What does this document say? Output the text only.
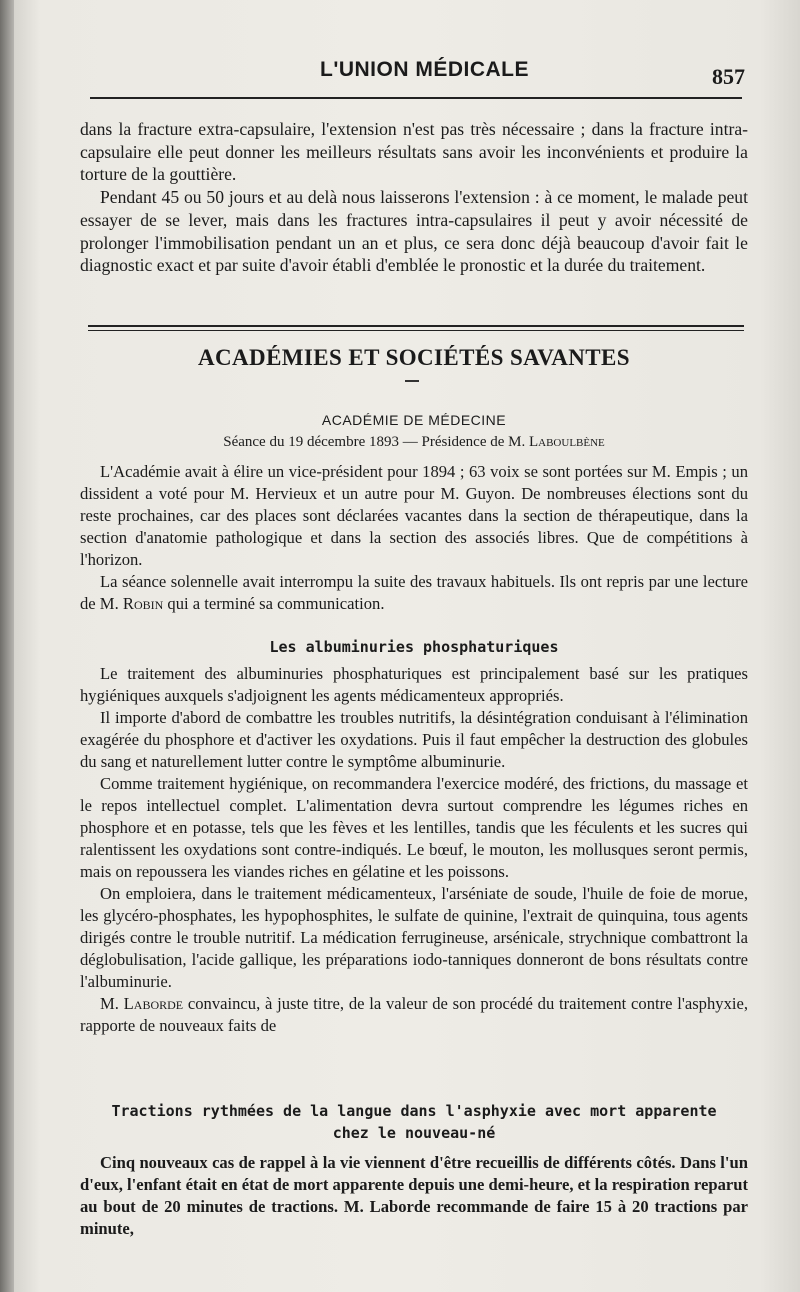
L'UNION MÉDICALE	857

dans la fracture extra-capsulaire, l'extension n'est pas très nécessaire ; dans la fracture intra-capsulaire elle peut donner les meilleurs résultats sans avoir les inconvénients et produire la torture de la gouttière.

Pendant 45 ou 50 jours et au delà nous laisserons l'extension : à ce moment, le malade peut essayer de se lever, mais dans les fractures intra-capsulaires il peut y avoir nécessité de prolonger l'immobilisation pendant un an et plus, ce sera donc déjà beaucoup d'avoir fait le diagnostic exact et par suite d'avoir établi d'emblée le pronostic et la durée du traitement.

ACADÉMIES ET SOCIÉTÉS SAVANTES
ACADÉMIE DE MÉDECINE
Séance du 19 décembre 1893 — Présidence de M. Laboulbène

L'Académie avait à élire un vice-président pour 1894 ; 63 voix se sont portées sur M. Empis ; un dissident a voté pour M. Hervieux et un autre pour M. Guyon. De nombreuses élections sont du reste prochaines, car des places sont déclarées vacantes dans la section de thérapeutique, dans la section d'anatomie pathologique et dans la section des associés libres. Que de compétitions à l'horizon.

La séance solennelle avait interrompu la suite des travaux habituels. Ils ont repris par une lecture de M. Robin qui a terminé sa communication.

Les albuminuries phosphaturiques

Le traitement des albuminuries phosphaturiques est principalement basé sur les pratiques hygiéniques auxquels s'adjoignent les agents médicamenteux appropriés.

Il importe d'abord de combattre les troubles nutritifs, la désintégration conduisant à l'élimination exagérée du phosphore et d'activer les oxydations. Puis il faut empêcher la destruction des globules du sang et naturellement lutter contre le symptôme albuminurie.

Comme traitement hygiénique, on recommandera l'exercice modéré, des frictions, du massage et le repos intellectuel complet. L'alimentation devra surtout comprendre les légumes riches en phosphore et en potasse, tels que les fèves et les lentilles, tandis que les féculents et les sucres qui ralentissent les oxydations sont contre-indiqués. Le bœuf, le mouton, les mollusques seront permis, mais on repoussera les viandes riches en gélatine et les poissons.

On emploiera, dans le traitement médicamenteux, l'arséniate de soude, l'huile de foie de morue, les glycéro-phosphates, les hypophosphites, le sulfate de quinine, l'extrait de quinquina, tous agents dirigés contre le trouble nutritif. La médication ferrugineuse, arsénicale, strychnique combattront la déglobulisation, l'acide gallique, les préparations iodo-tanniques donneront de bons résultats contre l'albuminurie.

M. Laborde convaincu, à juste titre, de la valeur de son procédé du traitement contre l'asphyxie, rapporte de nouveaux faits de

Tractions rythmées de la langue dans l'asphyxie avec mort apparente
chez le nouveau-né

Cinq nouveaux cas de rappel à la vie viennent d'être recueillis de différents côtés. Dans l'un d'eux, l'enfant était en état de mort apparente depuis une demi-heure, et la respiration reparut au bout de 20 minutes de tractions. M. Laborde recommande de faire 15 à 20 tractions par minute,
